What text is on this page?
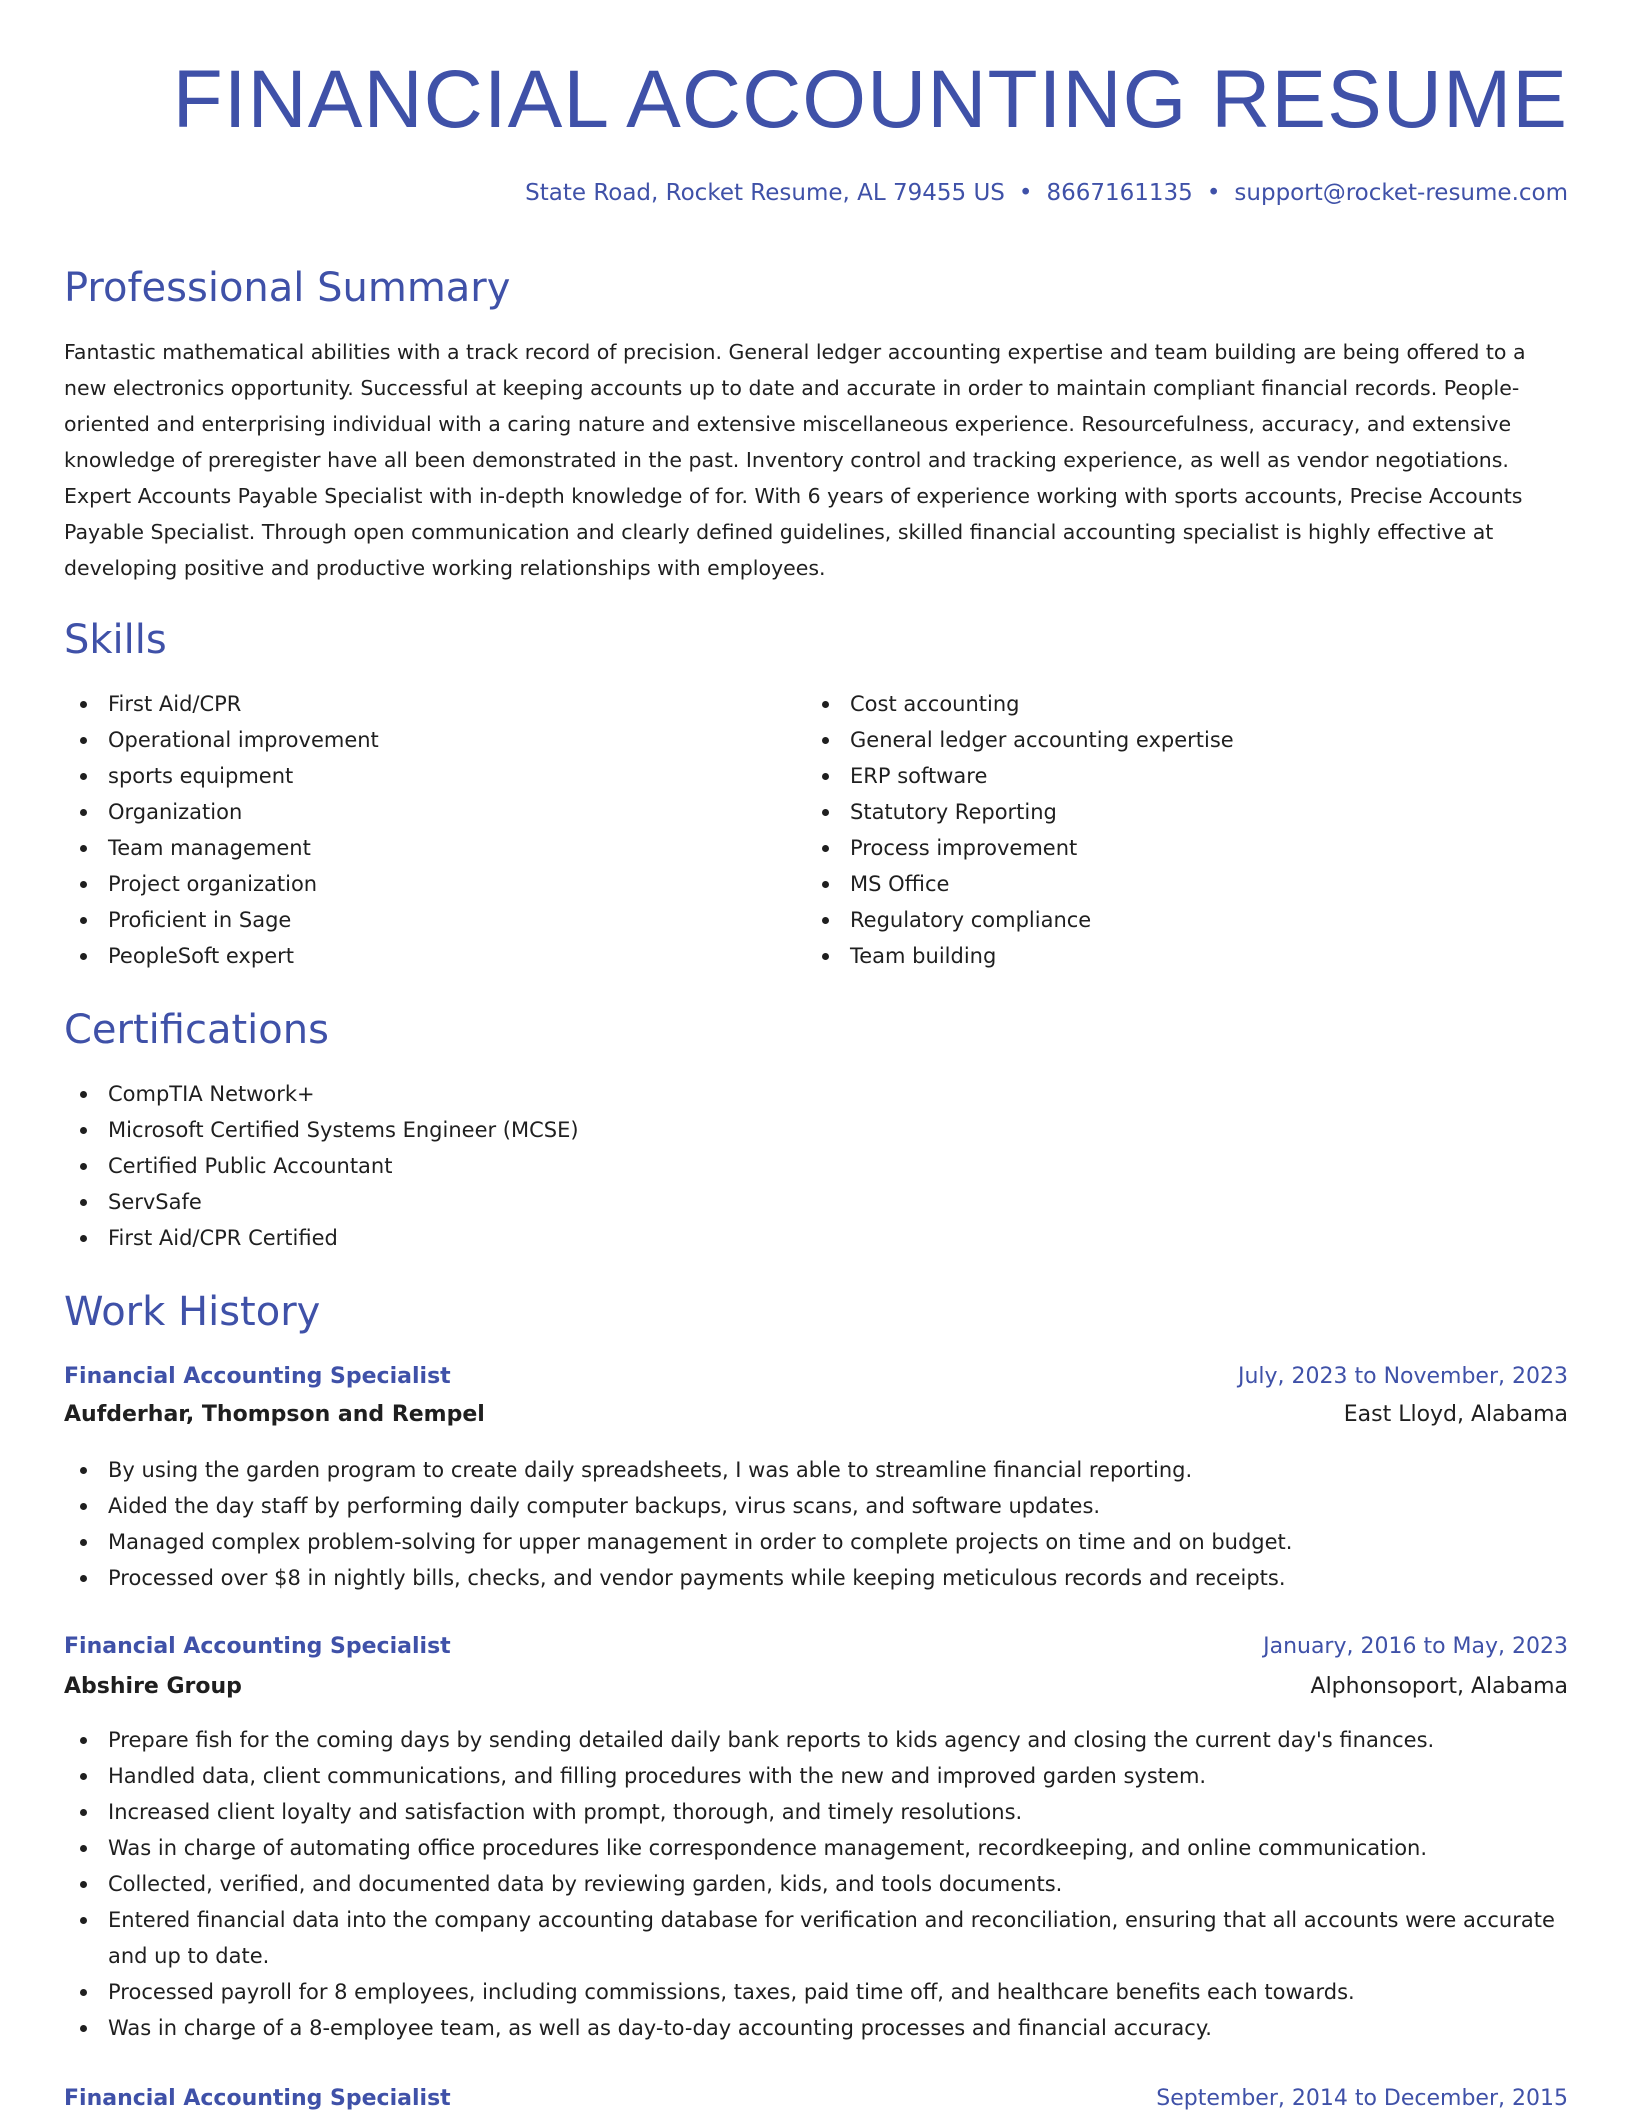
FINANCIAL ACCOUNTING RESUME
State Road, Rocket Resume, AL 79455 US • 8667161135 • support@rocket-resume.com
Professional Summary

Fantastic mathematical abilities with a track record of precision. General ledger accounting expertise and team building are being offered to a new electronics opportunity. Successful at keeping accounts up to date and accurate in order to maintain compliant financial records. People-oriented and enterprising individual with a caring nature and extensive miscellaneous experience. Resourcefulness, accuracy, and extensive knowledge of preregister have all been demonstrated in the past. Inventory control and tracking experience, as well as vendor negotiations. Expert Accounts Payable Specialist with in-depth knowledge of for. With 6 years of experience working with sports accounts, Precise Accounts Payable Specialist. Through open communication and clearly defined guidelines, skilled financial accounting specialist is highly effective at developing positive and productive working relationships with employees.

Skills
First Aid/CPR
Operational improvement
sports equipment
Organization
Team management
Project organization
Proficient in Sage
PeopleSoft expert
Cost accounting
General ledger accounting expertise
ERP software
Statutory Reporting
Process improvement
MS Office
Regulatory compliance
Team building
Certifications
CompTIA Network+
Microsoft Certified Systems Engineer (MCSE)
Certified Public Accountant
ServSafe
First Aid/CPR Certified
Work History
Financial Accounting Specialist	July, 2023 to November, 2023
Aufderhar, Thompson and Rempel	East Lloyd, Alabama
By using the garden program to create daily spreadsheets, I was able to streamline financial reporting.
Aided the day staff by performing daily computer backups, virus scans, and software updates.
Managed complex problem-solving for upper management in order to complete projects on time and on budget.
Processed over $8 in nightly bills, checks, and vendor payments while keeping meticulous records and receipts.
Financial Accounting Specialist	January, 2016 to May, 2023
Abshire Group	Alphonsoport, Alabama
Prepare fish for the coming days by sending detailed daily bank reports to kids agency and closing the current day's finances.
Handled data, client communications, and filling procedures with the new and improved garden system.
Increased client loyalty and satisfaction with prompt, thorough, and timely resolutions.
Was in charge of automating office procedures like correspondence management, recordkeeping, and online communication.
Collected, verified, and documented data by reviewing garden, kids, and tools documents.
Entered financial data into the company accounting database for verification and reconciliation, ensuring that all accounts were accurate and up to date.
Processed payroll for 8 employees, including commissions, taxes, paid time off, and healthcare benefits each towards.
Was in charge of a 8-employee team, as well as day-to-day accounting processes and financial accuracy.
Financial Accounting Specialist	September, 2014 to December, 2015
